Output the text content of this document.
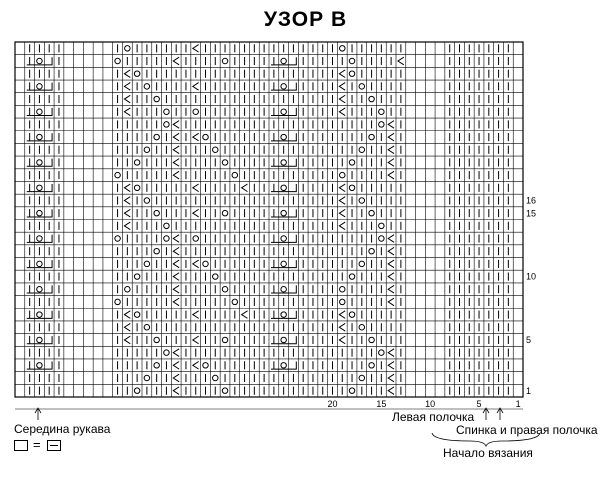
УЗОР В
16
15
10
5
1
20	15	10	5	1
Середина рукава
Левая полочка
Спинка и правая полочка
Начало вязания
=
